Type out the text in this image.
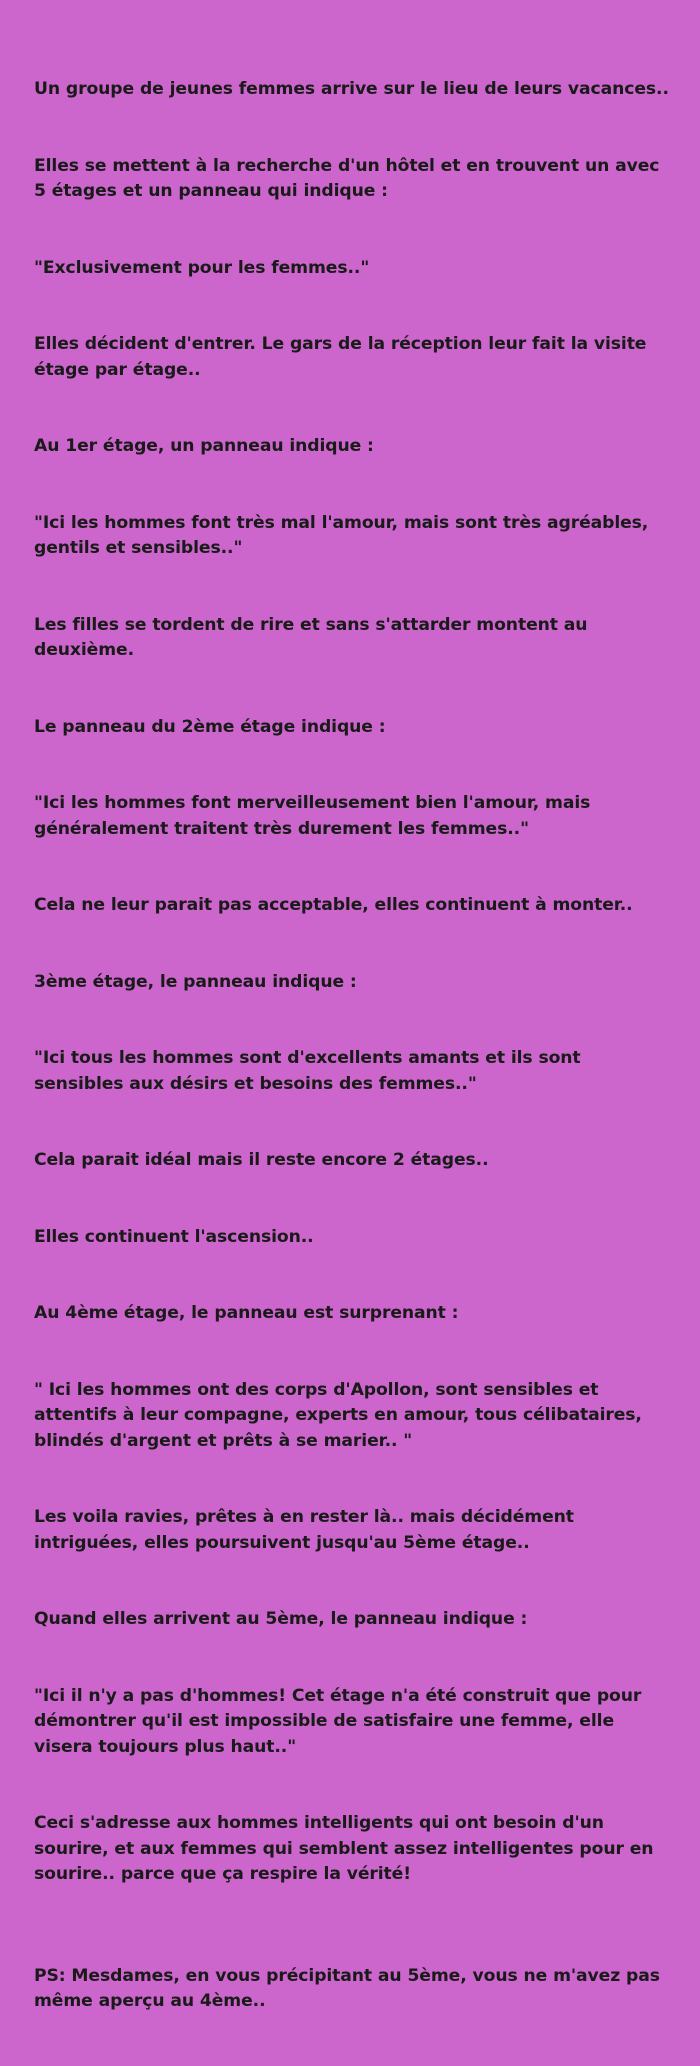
Un groupe de jeunes femmes arrive sur le lieu de leurs vacances..

Elles se mettent à la recherche d'un hôtel et en trouvent un avec 5 étages et un panneau qui indique :

"Exclusivement pour les femmes.."

Elles décident d'entrer. Le gars de la réception leur fait la visite étage par étage..

Au 1er étage, un panneau indique :

"Ici les hommes font très mal l'amour, mais sont très agréables, gentils et sensibles.."

Les filles se tordent de rire et sans s'attarder montent au deuxième.

Le panneau du 2ème étage indique :

"Ici les hommes font merveilleusement bien l'amour, mais généralement traitent très durement les femmes.."

Cela ne leur parait pas acceptable, elles continuent à monter..

3ème étage, le panneau indique :

"Ici tous les hommes sont d'excellents amants et ils sont sensibles aux désirs et besoins des femmes.."

Cela parait idéal mais il reste encore 2 étages..

Elles continuent l'ascension..

Au 4ème étage, le panneau est surprenant :

" Ici les hommes ont des corps d'Apollon, sont sensibles et attentifs à leur compagne, experts en amour, tous célibataires, blindés d'argent et prêts à se marier.. "

Les voila ravies, prêtes à en rester là.. mais décidément intriguées, elles poursuivent jusqu'au 5ème étage..

Quand elles arrivent au 5ème, le panneau indique :

"Ici il n'y a pas d'hommes! Cet étage n'a été construit que pour démontrer qu'il est impossible de satisfaire une femme, elle visera toujours plus haut.."

Ceci s'adresse aux hommes intelligents qui ont besoin d'un sourire, et aux femmes qui semblent assez intelligentes pour en sourire.. parce que ça respire la vérité!

PS: Mesdames, en vous précipitant au 5ème, vous ne m'avez pas même aperçu au 4ème..
